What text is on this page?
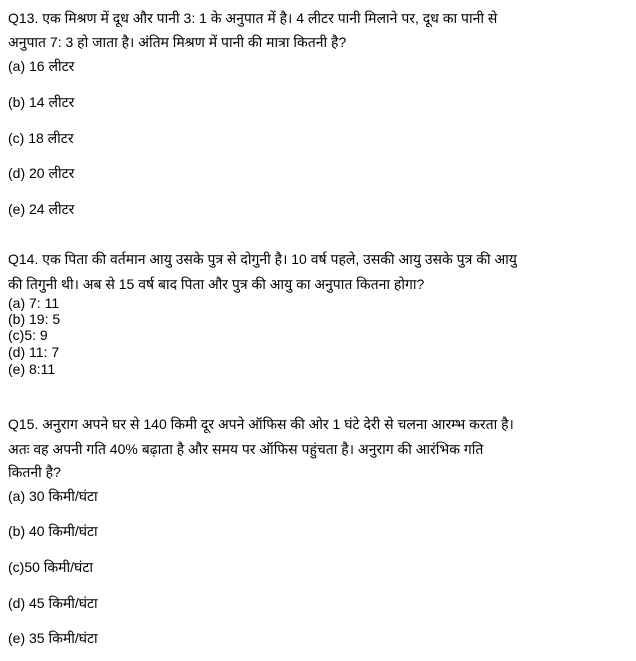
Q13. एक मिश्रण में दूध और पानी 3: 1 के अनुपात में है। 4 लीटर पानी मिलाने पर, दूध का पानी से
अनुपात 7: 3 हो जाता है। अंतिम मिश्रण में पानी की मात्रा कितनी है?
(a) 16 लीटर
(b) 14 लीटर
(c) 18 लीटर
(d) 20 लीटर
(e) 24 लीटर
Q14. एक पिता की वर्तमान आयु उसके पुत्र से दोगुनी है। 10 वर्ष पहले, उसकी आयु उसके पुत्र की आयु
की तिगुनी थी। अब से 15 वर्ष बाद पिता और पुत्र की आयु का अनुपात कितना होगा?
(a) 7: 11
(b) 19: 5
(c)5: 9
(d) 11: 7
(e) 8:11
Q15. अनुराग अपने घर से 140 किमी दूर अपने ऑफिस की ओर 1 घंटे देरी से चलना आरम्भ करता है।
अतः वह अपनी गति 40% बढ़ाता है और समय पर ऑफिस पहुंचता है। अनुराग की आरंभिक गति
कितनी है?
(a) 30 किमी/घंटा
(b) 40 किमी/घंटा
(c)50 किमी/घंटा
(d) 45 किमी/घंटा
(e) 35 किमी/घंटा
